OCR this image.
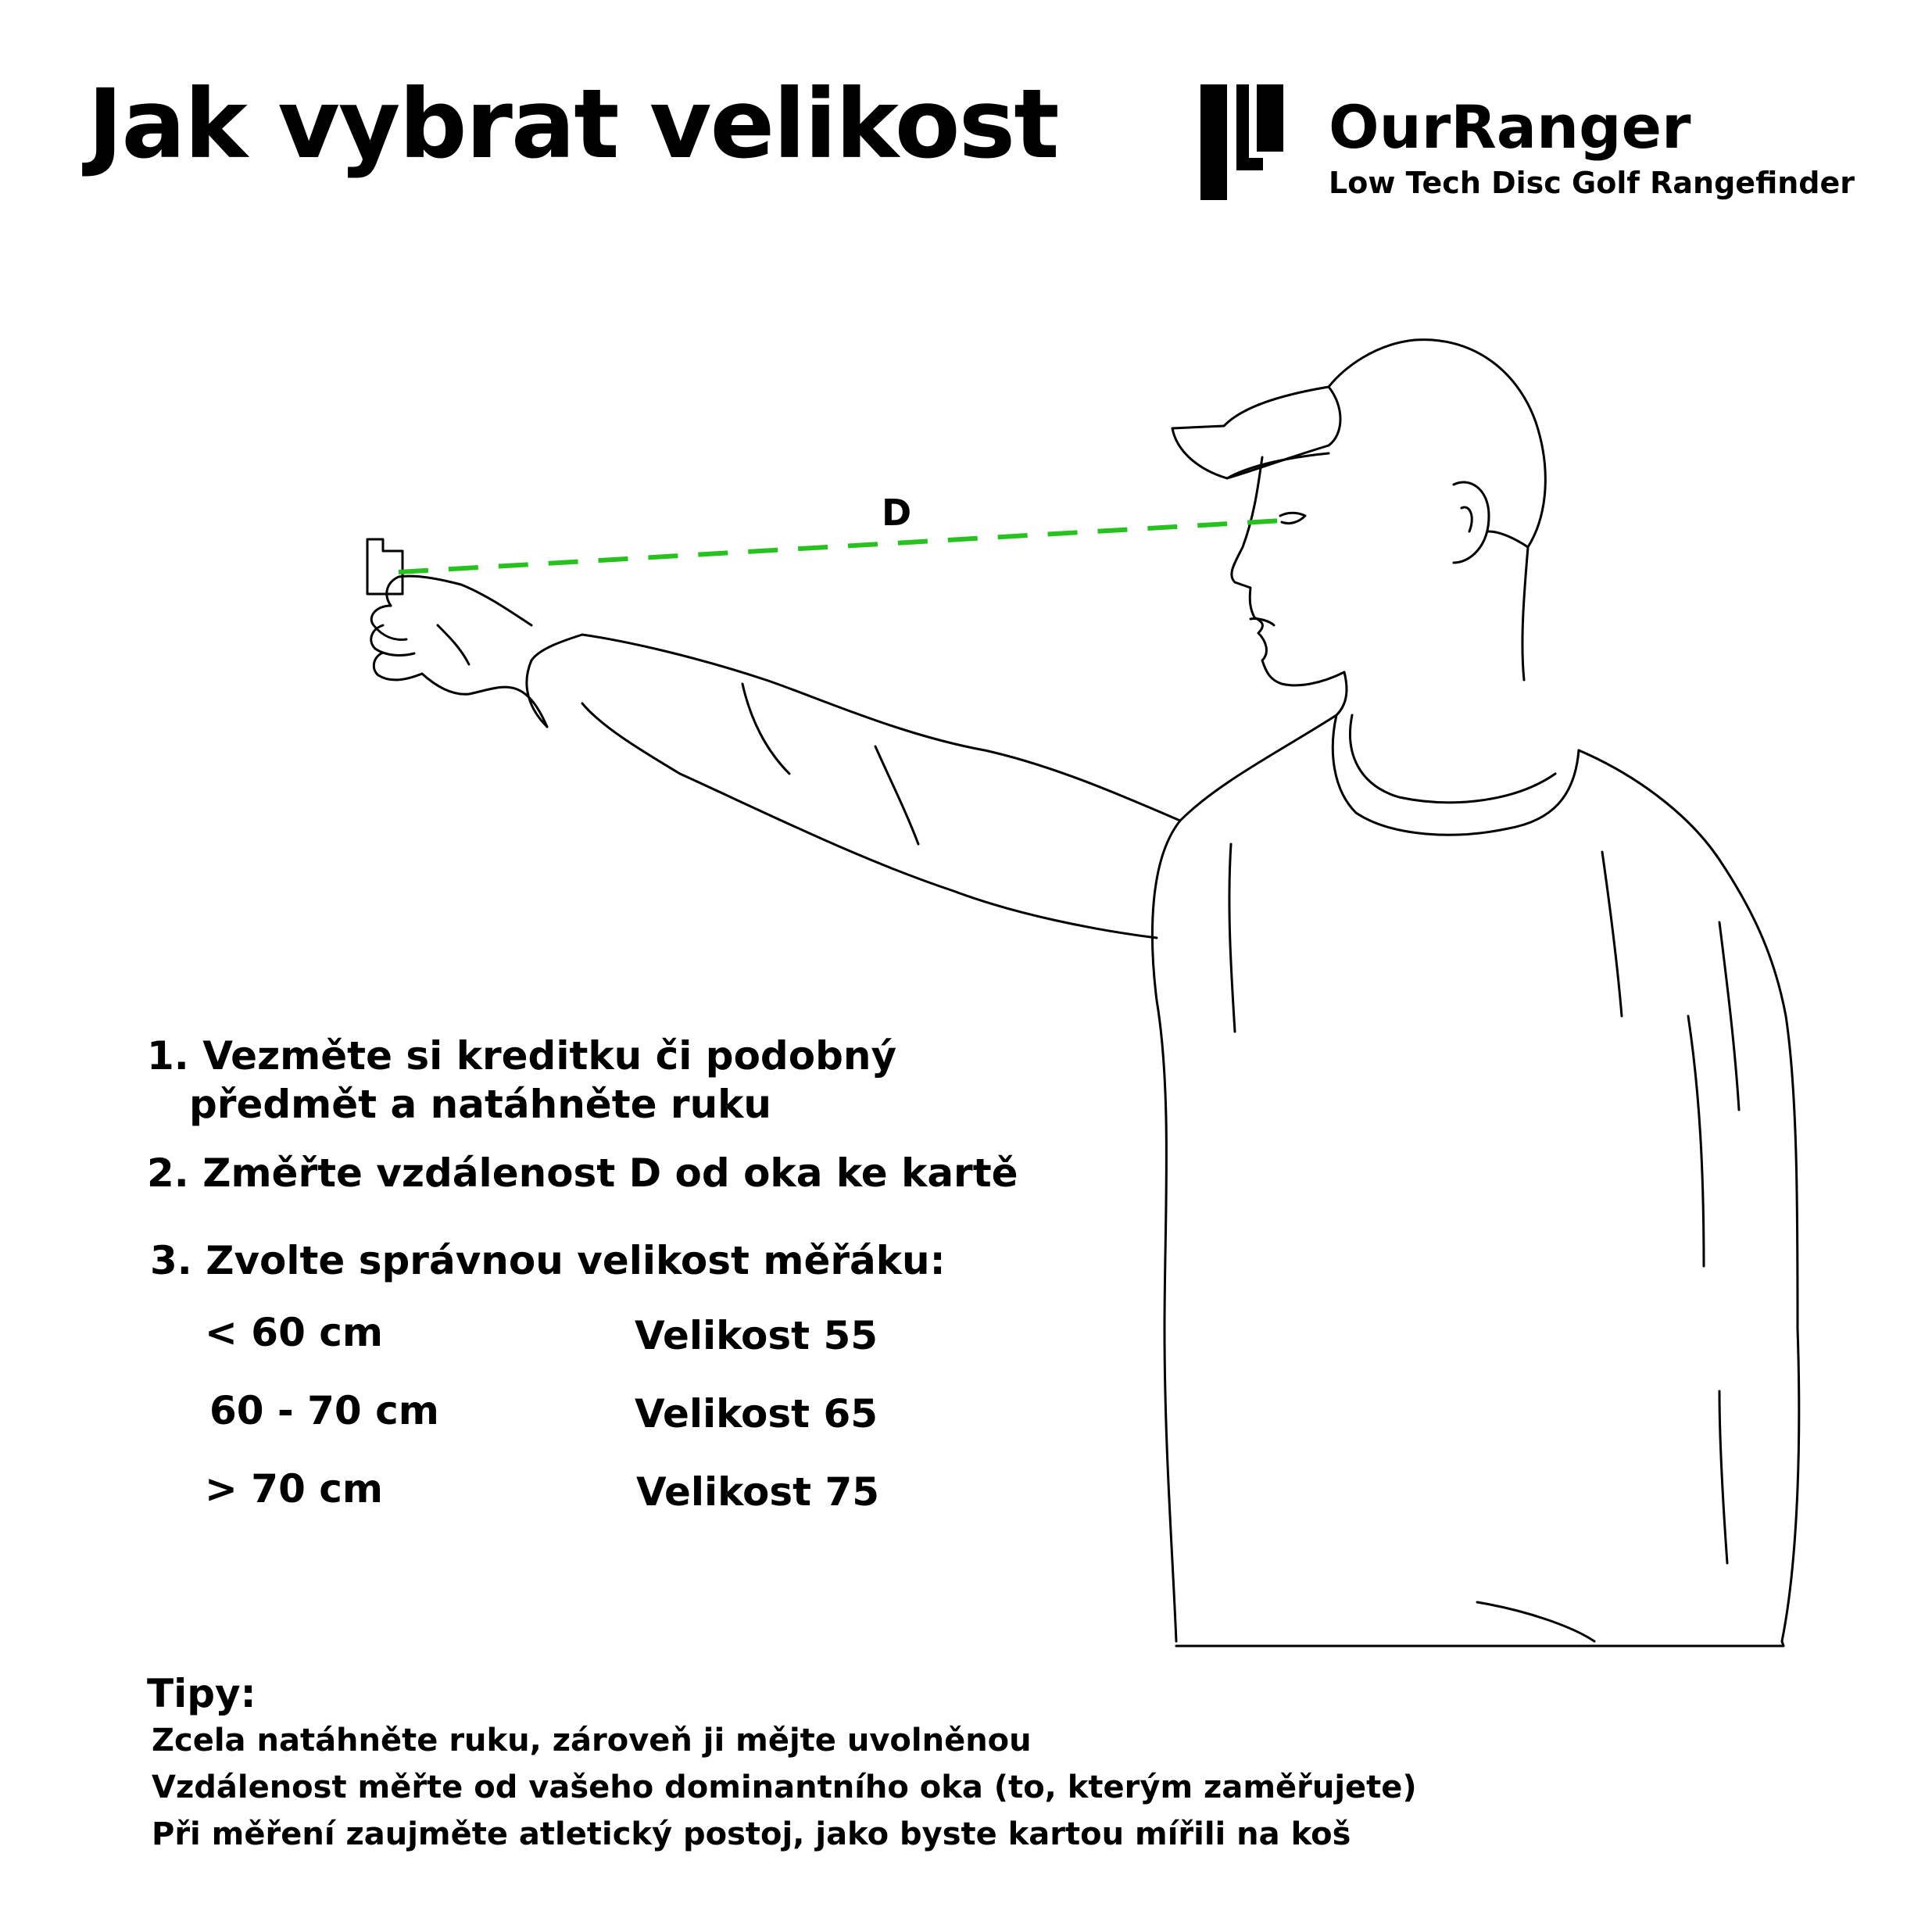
Jak vybrat velikost	OurRanger
Low Tech Disc Golf Rangefinder
D
1. Vezměte si kreditku či podobný
předmět a natáhněte ruku
2. Změřte vzdálenost D od oka ke kartě
3. Zvolte správnou velikost měřáku:
< 60 cm	Velikost 55
60 - 70 cm	Velikost 65
> 70 cm	Velikost 75
Tipy:
Zcela natáhněte ruku, zároveň ji mějte uvolněnou
Vzdálenost měřte od vašeho dominantního oka (to, kterým zaměřujete)
Při měření zaujměte atletický postoj, jako byste kartou mířili na koš
